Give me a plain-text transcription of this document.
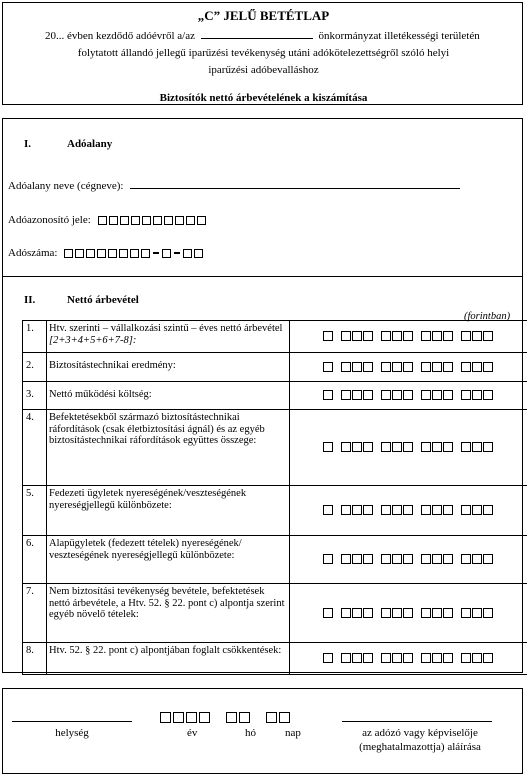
„C” JELŰ BETÉTLAP
20... évben kezdődő adóévről a/az	önkormányzat illetékességi területén
folytatott állandó jellegű iparűzési tevékenység utáni adókötelezettségről szóló helyi
iparűzési adóbevalláshoz
Biztosítók nettó árbevételének a kiszámítása
I.	Adóalany
Adóalany neve (cégneve):
Adóazonosító jele:
Adószáma:
II.	Nettó árbevétel
(forintban)
1.	Htv. szerinti – vállalkozási szintű – éves nettó árbevétel [2+3+4+5+6+7-8]:	
2.	Biztosítástechnikai eredmény:	
3.	Nettó működési költség:	
4.	Befektetésekből származó biztosítástechnikai ráfordítások (csak életbiztosítási ágnál) és az egyéb biztosítástechnikai ráfordítások együttes összege:	
5.	Fedezeti ügyletek nyereségének/veszteségének nyereségjellegű különbözete:	
6.	Alapügyletek (fedezett tételek) nyereségének/ veszteségének nyereségjellegű különbözete:	
7.	Nem biztosítási tevékenység bevétele, befektetések nettó árbevétele, a Htv. 52. § 22. pont c) alpontja szerint egyéb növelő tételek:	
8.	Htv. 52. § 22. pont c) alpontjában foglalt csökkentések:	
helység	év	hó	nap	az adózó vagy képviselője
(meghatalmazottja) aláírása
